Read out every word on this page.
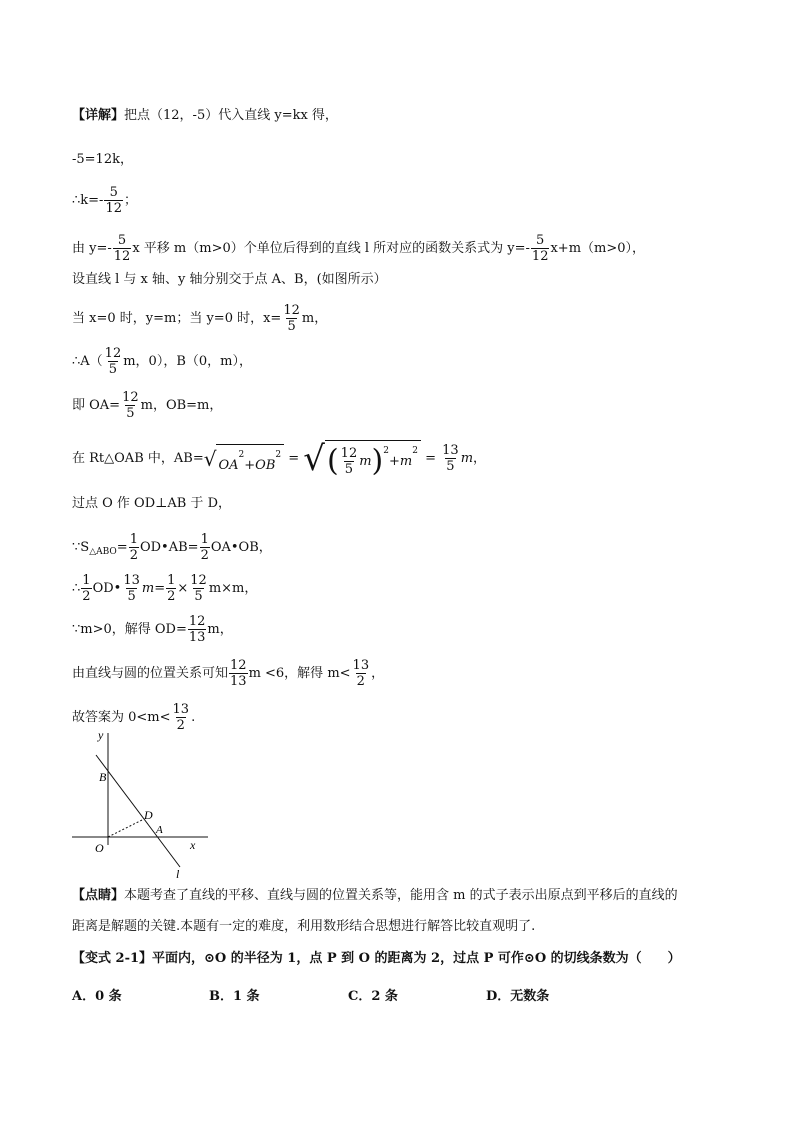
【详解】把点（12，-5）代入直线 y=kx 得，
-5=12k，
∴k=- $\frac{5}{12}$ ；
由 $y=- \frac{5}{12}$ x 平移 m（m>0）个单位后得到的直线 l 所对应的函数关系式为 $y=- \frac{5}{12} x+m(m>0)$，
设直线 l 与 x 轴、y 轴分别交于点 A、B，(如图所示）
当 x=0 时，y=m；当 y=0 时，$x= \frac{12}{5}$ m，
∴A（ $\frac{12}{5}$ m，0），B（0，m），
即 $OA= \frac{12}{5}$ m，OB=m，
在 Rt△OAB 中，AB= √ $OA^2+OB^2$ = √ ( $\frac{12}{5} m)^2+m^2 = \frac{13}{5}$ m，
过点 O 作 OD⊥AB 于 D，
$\because S_{\triangle ABO}= \frac{1}{2}$ OD•AB= $\frac{1}{2}$ OA•OB，
∴ $\frac{1}{2}$ OD• $\frac{13}{5} m= \frac{1}{2} \times \frac{12}{5} m\times m$，
∵m>0，解得 $OD= \frac{12}{13}$ m，
由直线与圆的位置关系可知 $\frac{12}{13}$ m <6，解得 $m< \frac{13}{2}$ ，
故答案为 $0<m< \frac{13}{2}$ .
y
x
O
A
B
D
l
【点睛】本题考查了直线的平移、直线与圆的位置关系等，能用含 m 的式子表示出原点到平移后的直线的
距离是解题的关键.本题有一定的难度，利用数形结合思想进行解答比较直观明了.
【变式 2-1】平面内，⊙O 的半径为 1，点 P 到 O 的距离为 2，过点 P 可作⊙O 的切线条数为（　　）
A．0 条	B．1 条	C．2 条	D．无数条
